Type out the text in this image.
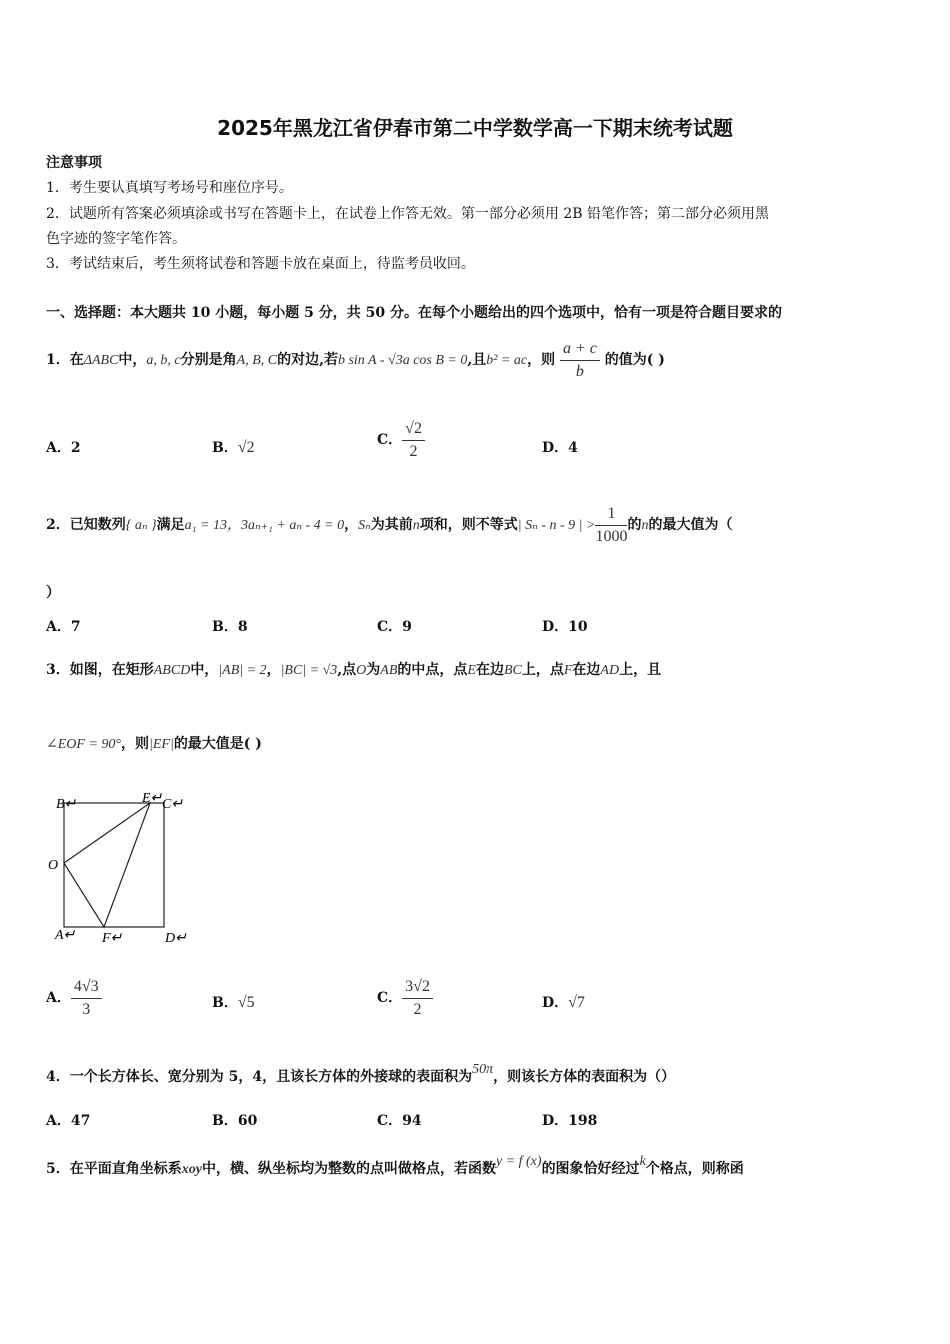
2025年黑龙江省伊春市第二中学数学高一下期末统考试题
注意事项
1．考生要认真填写考场号和座位序号。
2．试题所有答案必须填涂或书写在答题卡上，在试卷上作答无效。第一部分必须用 2B 铅笔作答；第二部分必须用黑
色字迹的签字笔作答。
3．考试结束后，考生须将试卷和答题卡放在桌面上，待监考员收回。
一、选择题：本大题共 10 小题，每小题 5 分，共 50 分。在每个小题给出的四个选项中，恰有一项是符合题目要求的
1．在ΔABC中，a, b, c分别是角A, B, C的对边,若b sin A - √3a cos B = 0,且b² = ac，则 $\frac{a + c}{b}$ 的值为( )
A．2	B．√2	C． $\frac{√2}{2}$	D．4
2．已知数列{ aₙ }满足a₁ = 13，3aₙ₊₁ + aₙ - 4 = 0，Sₙ为其前n项和，则不等式| Sₙ - n - 9 | > $\frac{1}{1000}$ 的n的最大值为（
）
A．7	B．8	C．9	D．10
3．如图，在矩形ABCD中，|AB| = 2，|BC| = √3,点O为AB的中点，点E在边BC上，点F在边AD上，且
∠EOF = 90°，则|EF|的最大值是( )
B↵	E↵ C↵
O
A↵ F↵	D↵
A． $\frac{4√3}{3}$	B．√5	C． $\frac{3√2}{2}$	D．√7
4．一个长方体长、宽分别为 5，4，且该长方体的外接球的表面积为50π，则该长方体的表面积为（）
A．47	B．60	C．94	D．198
5．在平面直角坐标系xoy中，横、纵坐标均为整数的点叫做格点，若函数y = f (x)的图象恰好经过k个格点，则称函
